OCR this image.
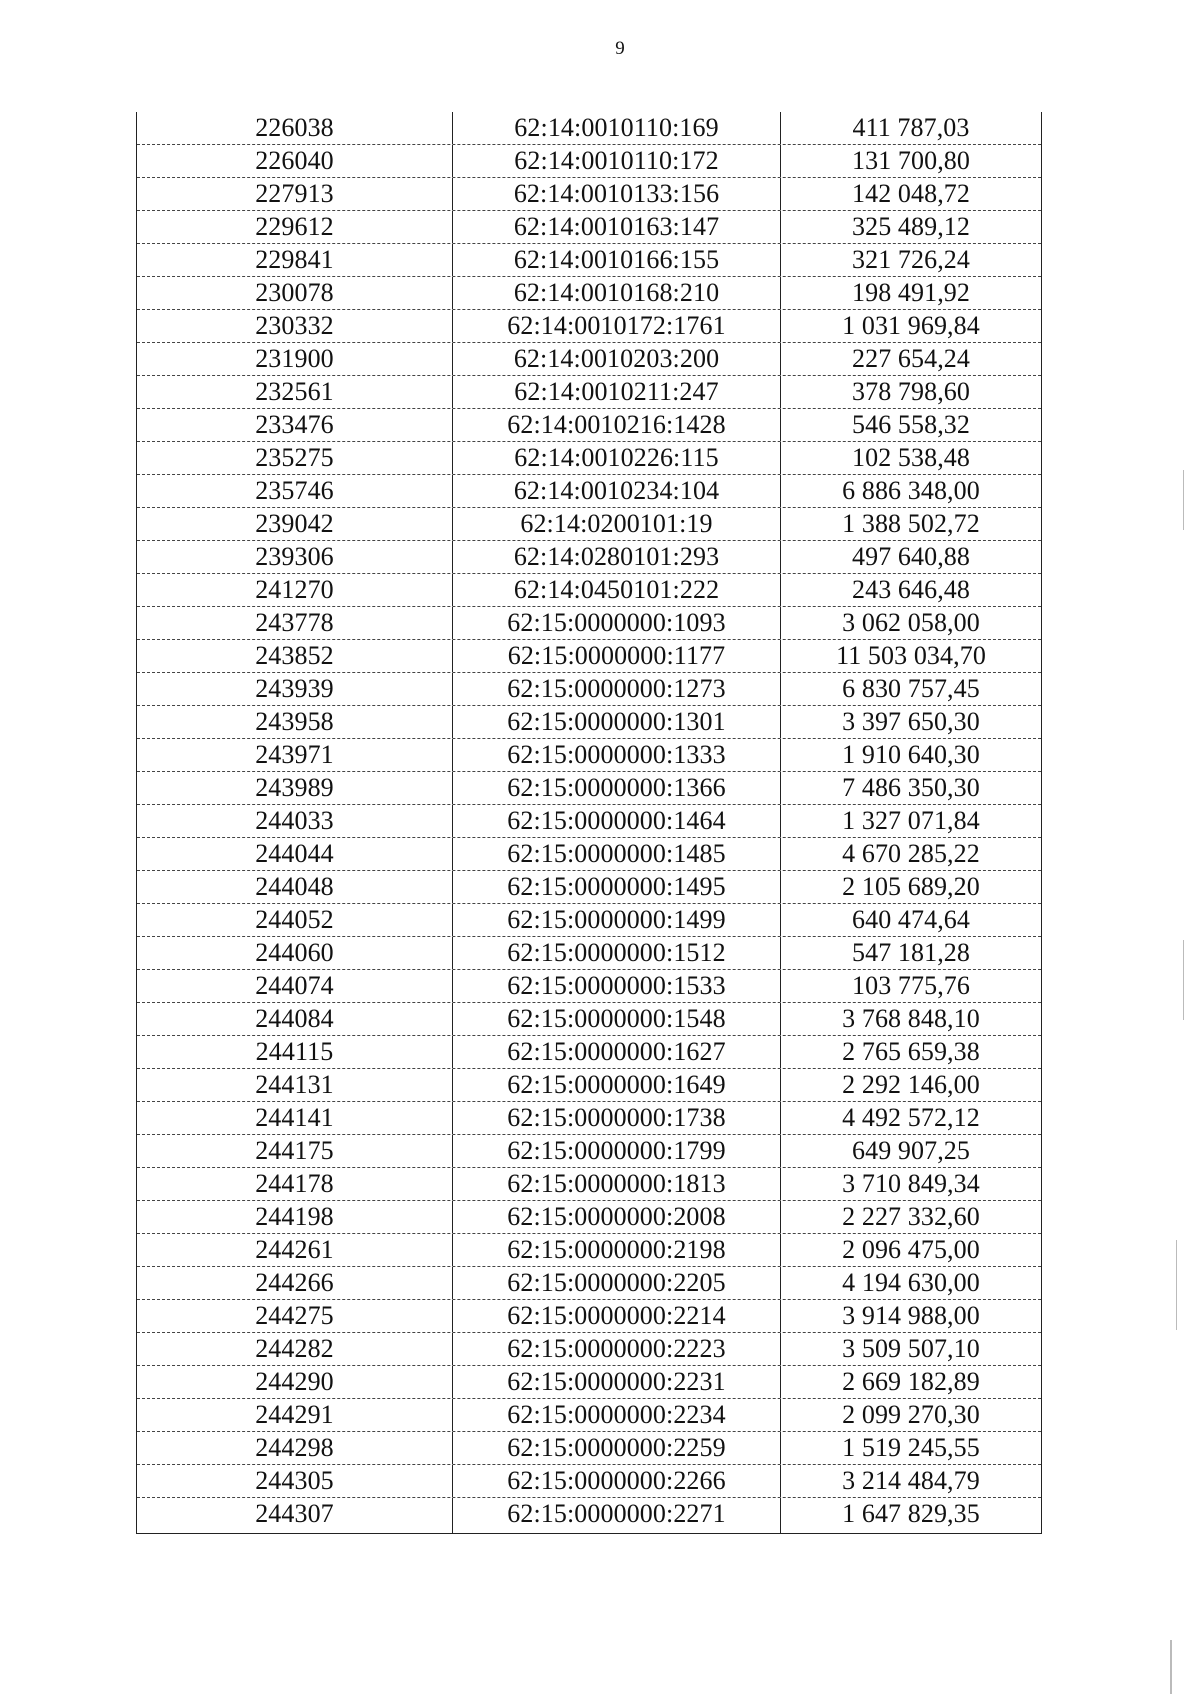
9
226038	62:14:0010110:169	411 787,03
226040	62:14:0010110:172	131 700,80
227913	62:14:0010133:156	142 048,72
229612	62:14:0010163:147	325 489,12
229841	62:14:0010166:155	321 726,24
230078	62:14:0010168:210	198 491,92
230332	62:14:0010172:1761	1 031 969,84
231900	62:14:0010203:200	227 654,24
232561	62:14:0010211:247	378 798,60
233476	62:14:0010216:1428	546 558,32
235275	62:14:0010226:115	102 538,48
235746	62:14:0010234:104	6 886 348,00
239042	62:14:0200101:19	1 388 502,72
239306	62:14:0280101:293	497 640,88
241270	62:14:0450101:222	243 646,48
243778	62:15:0000000:1093	3 062 058,00
243852	62:15:0000000:1177	11 503 034,70
243939	62:15:0000000:1273	6 830 757,45
243958	62:15:0000000:1301	3 397 650,30
243971	62:15:0000000:1333	1 910 640,30
243989	62:15:0000000:1366	7 486 350,30
244033	62:15:0000000:1464	1 327 071,84
244044	62:15:0000000:1485	4 670 285,22
244048	62:15:0000000:1495	2 105 689,20
244052	62:15:0000000:1499	640 474,64
244060	62:15:0000000:1512	547 181,28
244074	62:15:0000000:1533	103 775,76
244084	62:15:0000000:1548	3 768 848,10
244115	62:15:0000000:1627	2 765 659,38
244131	62:15:0000000:1649	2 292 146,00
244141	62:15:0000000:1738	4 492 572,12
244175	62:15:0000000:1799	649 907,25
244178	62:15:0000000:1813	3 710 849,34
244198	62:15:0000000:2008	2 227 332,60
244261	62:15:0000000:2198	2 096 475,00
244266	62:15:0000000:2205	4 194 630,00
244275	62:15:0000000:2214	3 914 988,00
244282	62:15:0000000:2223	3 509 507,10
244290	62:15:0000000:2231	2 669 182,89
244291	62:15:0000000:2234	2 099 270,30
244298	62:15:0000000:2259	1 519 245,55
244305	62:15:0000000:2266	3 214 484,79
244307	62:15:0000000:2271	1 647 829,35
